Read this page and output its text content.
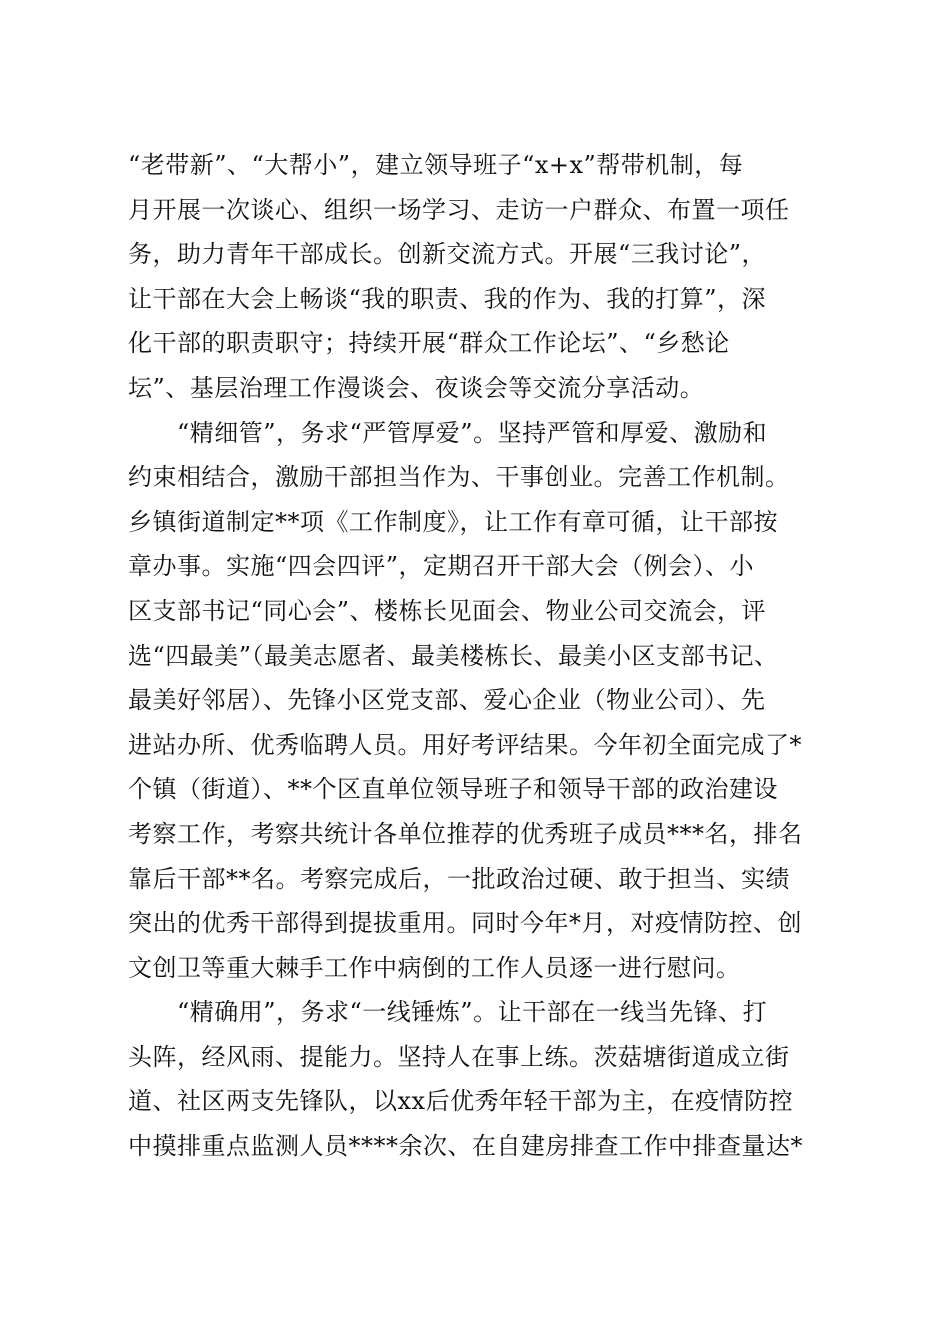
“老带新”、“大帮小”，建立领导班子“x+x”帮带机制，每
月开展一次谈心、组织一场学习、走访一户群众、布置一项任
务，助力青年干部成长。创新交流方式。开展“三我讨论”，
让干部在大会上畅谈“我的职责、我的作为、我的打算”，深
化干部的职责职守；持续开展“群众工作论坛”、“乡愁论
坛”、基层治理工作漫谈会、夜谈会等交流分享活动。
　　“精细管”，务求“严管厚爱”。坚持严管和厚爱、激励和
约束相结合，激励干部担当作为、干事创业。完善工作机制。
乡镇街道制定**项《工作制度》，让工作有章可循，让干部按
章办事。实施“四会四评”，定期召开干部大会（例会）、小
区支部书记“同心会”、楼栋长见面会、物业公司交流会，评
选“四最美”（最美志愿者、最美楼栋长、最美小区支部书记、
最美好邻居）、先锋小区党支部、爱心企业（物业公司）、先
进站办所、优秀临聘人员。用好考评结果。今年初全面完成了*
个镇（街道）、**个区直单位领导班子和领导干部的政治建设
考察工作，考察共统计各单位推荐的优秀班子成员***名，排名
靠后干部**名。考察完成后，一批政治过硬、敢于担当、实绩
突出的优秀干部得到提拔重用。同时今年*月，对疫情防控、创
文创卫等重大棘手工作中病倒的工作人员逐一进行慰问。
　　“精确用”，务求“一线锤炼”。让干部在一线当先锋、打
头阵，经风雨、提能力。坚持人在事上练。茨菇塘街道成立街
道、社区两支先锋队，以xx后优秀年轻干部为主，在疫情防控
中摸排重点监测人员****余次、在自建房排查工作中排查量达*
